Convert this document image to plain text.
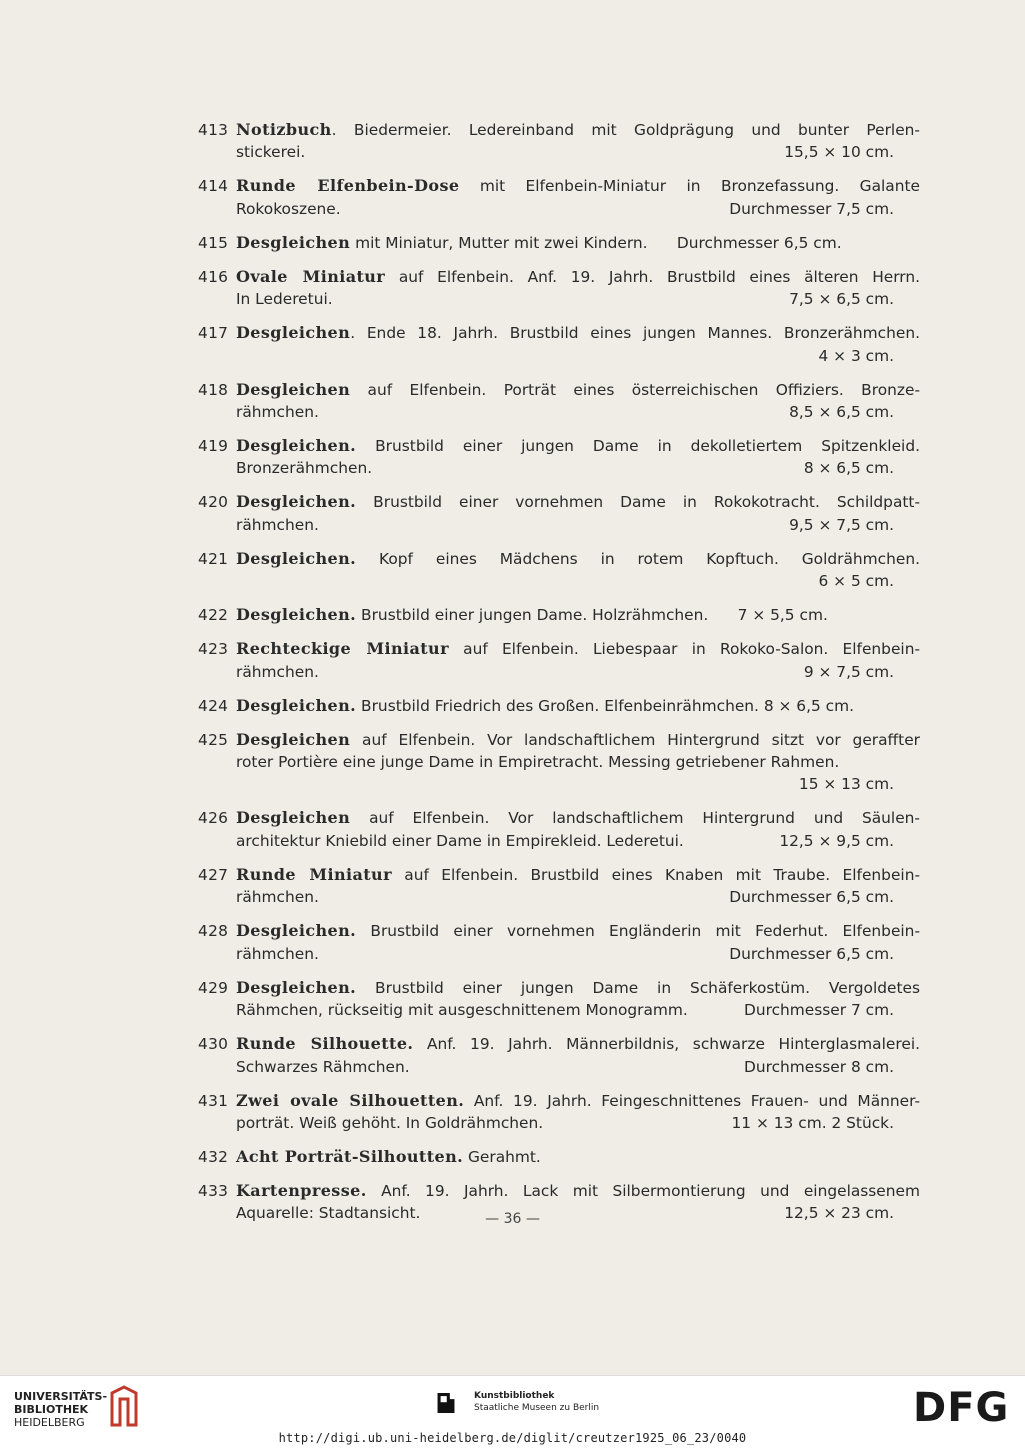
413 Notizbuch. Biedermeier. Ledereinband mit Goldprägung und bunter Perlen-
stickerei.	15,5 × 10 cm.
414 Runde Elfenbein-Dose mit Elfenbein-Miniatur in Bronzefassung. Galante
Rokokoszene.	Durchmesser 7,5 cm.
415 Desgleichen mit Miniatur, Mutter mit zwei Kindern.      Durchmesser 6,5 cm.
416 Ovale Miniatur auf Elfenbein. Anf. 19. Jahrh. Brustbild eines älteren Herrn.
In Lederetui.	7,5 × 6,5 cm.
417 Desgleichen. Ende 18. Jahrh. Brustbild eines jungen Mannes. Bronzerähmchen.
4 × 3 cm.
418 Desgleichen auf Elfenbein. Porträt eines österreichischen Offiziers. Bronze-
rähmchen.	8,5 × 6,5 cm.
419 Desgleichen. Brustbild einer jungen Dame in dekolletiertem Spitzenkleid.
Bronzerähmchen.	8 × 6,5 cm.
420 Desgleichen. Brustbild einer vornehmen Dame in Rokokotracht. Schildpatt-
rähmchen.	9,5 × 7,5 cm.
421 Desgleichen. Kopf eines Mädchens in rotem Kopftuch. Goldrähmchen.
6 × 5 cm.
422 Desgleichen. Brustbild einer jungen Dame. Holzrähmchen.      7 × 5,5 cm.
423 Rechteckige Miniatur auf Elfenbein. Liebespaar in Rokoko-Salon. Elfenbein-
rähmchen.	9 × 7,5 cm.
424 Desgleichen. Brustbild Friedrich des Großen. Elfenbeinrähmchen. 8 × 6,5 cm.
425 Desgleichen auf Elfenbein. Vor landschaftlichem Hintergrund sitzt vor geraffter
roter Portière eine junge Dame in Empiretracht. Messing getriebener Rahmen.
15 × 13 cm.
426 Desgleichen auf Elfenbein. Vor landschaftlichem Hintergrund und Säulen-
architektur Kniebild einer Dame in Empirekleid. Lederetui.	12,5 × 9,5 cm.
427 Runde Miniatur auf Elfenbein. Brustbild eines Knaben mit Traube. Elfenbein-
rähmchen.	Durchmesser 6,5 cm.
428 Desgleichen. Brustbild einer vornehmen Engländerin mit Federhut. Elfenbein-
rähmchen.	Durchmesser 6,5 cm.
429 Desgleichen. Brustbild einer jungen Dame in Schäferkostüm. Vergoldetes
Rähmchen, rückseitig mit ausgeschnittenem Monogramm.	Durchmesser 7 cm.
430 Runde Silhouette. Anf. 19. Jahrh. Männerbildnis, schwarze Hinterglasmalerei.
Schwarzes Rähmchen.	Durchmesser 8 cm.
431 Zwei ovale Silhouetten. Anf. 19. Jahrh. Feingeschnittenes Frauen- und Männer-
porträt. Weiß gehöht. In Goldrähmchen.	11 × 13 cm. 2 Stück.
432 Acht Porträt-Silhoutten. Gerahmt.
433 Kartenpresse. Anf. 19. Jahrh. Lack mit Silbermontierung und eingelassenem
Aquarelle: Stadtansicht.	12,5 × 23 cm.
— 36 —
UNIVERSITÄTS-
BIBLIOTHEK
HEIDELBERG
Kunstbibliothek
Staatliche Museen zu Berlin	DFG
http://digi.ub.uni-heidelberg.de/diglit/creutzer1925_06_23/0040
